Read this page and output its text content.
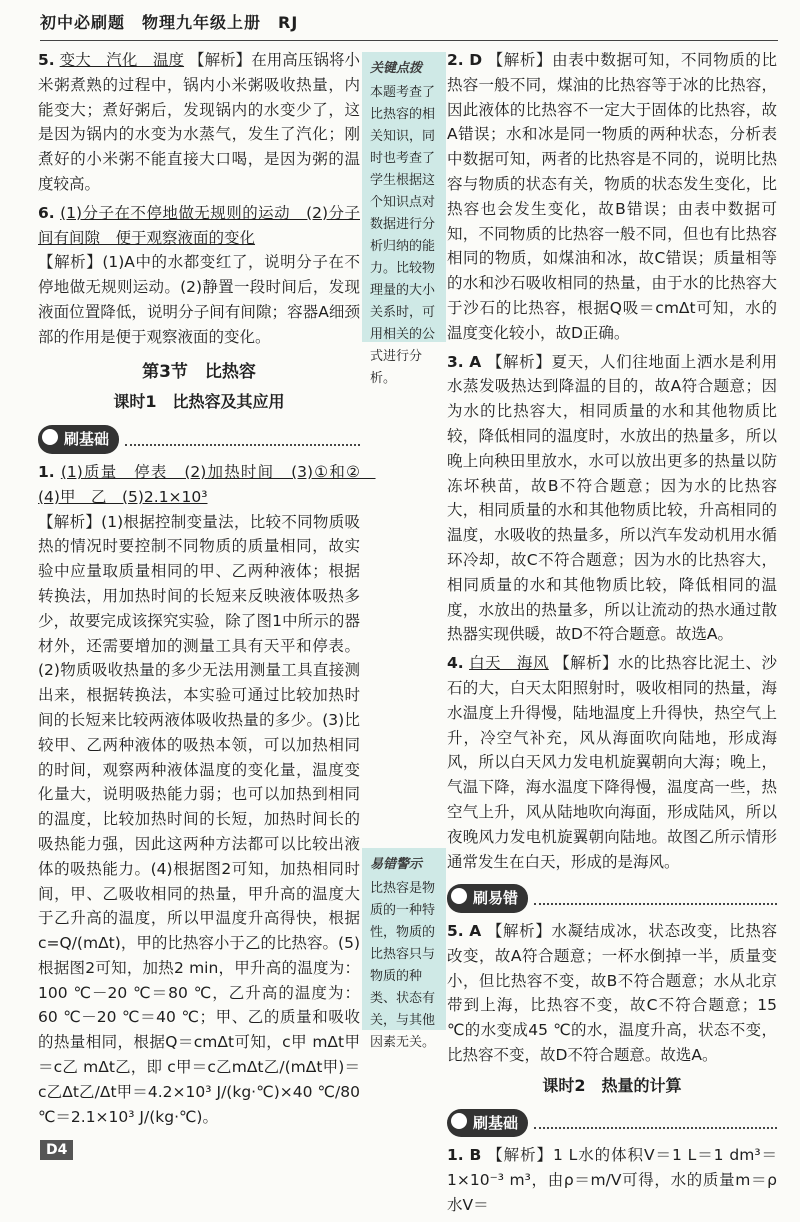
初中必刷题　物理九年级上册　RJ

5. 变大　汽化　温度 【解析】在用高压锅将小米粥煮熟的过程中，锅内小米粥吸收热量，内能变大；煮好粥后，发现锅内的水变少了，这是因为锅内的水变为水蒸气，发生了汽化；刚煮好的小米粥不能直接大口喝，是因为粥的温度较高。

6. (1)分子在不停地做无规则的运动　(2)分子间有间隙　便于观察液面的变化
【解析】(1)A中的水都变红了，说明分子在不停地做无规则运动。(2)静置一段时间后，发现液面位置降低，说明分子间有间隙；容器A细颈部的作用是便于观察液面的变化。

第3节　比热容
课时1　比热容及其应用
刷基础

1. (1)质量　停表　(2)加热时间　(3)①和②　(4)甲　乙　(5)2.1×10³
【解析】(1)根据控制变量法，比较不同物质吸热的情况时要控制不同物质的质量相同，故实验中应量取质量相同的甲、乙两种液体；根据转换法，用加热时间的长短来反映液体吸热多少，故要完成该探究实验，除了图1中所示的器材外，还需要增加的测量工具有天平和停表。(2)物质吸收热量的多少无法用测量工具直接测出来，根据转换法，本实验可通过比较加热时间的长短来比较两液体吸收热量的多少。(3)比较甲、乙两种液体的吸热本领，可以加热相同的时间，观察两种液体温度的变化量，温度变化量大，说明吸热能力弱；也可以加热到相同的温度，比较加热时间的长短，加热时间长的吸热能力强，因此这两种方法都可以比较出液体的吸热能力。(4)根据图2可知，加热相同时间，甲、乙吸收相同的热量，甲升高的温度大于乙升高的温度，所以甲温度升高得快，根据c=Q/(mΔt)，甲的比热容小于乙的比热容。(5)根据图2可知，加热2 min，甲升高的温度为：100 ℃－20 ℃＝80 ℃，乙升高的温度为：60 ℃－20 ℃＝40 ℃；甲、乙的质量和吸收的热量相同，根据Q＝cmΔt可知，c甲 mΔt甲＝c乙 mΔt乙，即 c甲＝c乙mΔt乙/(mΔt甲)＝c乙Δt乙/Δt甲＝4.2×10³ J/(kg·℃)×40 ℃/80 ℃＝2.1×10³ J/(kg·℃)。

关键点拨
本题考查了比热容的相关知识，同时也考查了学生根据这个知识点对数据进行分析归纳的能力。比较物理量的大小关系时，可用相关的公式进行分析。
易错警示
比热容是物质的一种特性，物质的比热容只与物质的种类、状态有关，与其他因素无关。

2. D 【解析】由表中数据可知，不同物质的比热容一般不同，煤油的比热容等于冰的比热容，因此液体的比热容不一定大于固体的比热容，故A错误；水和冰是同一物质的两种状态，分析表中数据可知，两者的比热容是不同的，说明比热容与物质的状态有关，物质的状态发生变化，比热容也会发生变化，故B错误；由表中数据可知，不同物质的比热容一般不同，但也有比热容相同的物质，如煤油和冰，故C错误；质量相等的水和沙石吸收相同的热量，由于水的比热容大于沙石的比热容，根据Q吸＝cmΔt可知，水的温度变化较小，故D正确。

3. A 【解析】夏天，人们往地面上洒水是利用水蒸发吸热达到降温的目的，故A符合题意；因为水的比热容大，相同质量的水和其他物质比较，降低相同的温度时，水放出的热量多，所以晚上向秧田里放水，水可以放出更多的热量以防冻坏秧苗，故B不符合题意；因为水的比热容大，相同质量的水和其他物质比较，升高相同的温度，水吸收的热量多，所以汽车发动机用水循环冷却，故C不符合题意；因为水的比热容大，相同质量的水和其他物质比较，降低相同的温度，水放出的热量多，所以让流动的热水通过散热器实现供暖，故D不符合题意。故选A。

4. 白天　海风 【解析】水的比热容比泥土、沙石的大，白天太阳照射时，吸收相同的热量，海水温度上升得慢，陆地温度上升得快，热空气上升，冷空气补充，风从海面吹向陆地，形成海风，所以白天风力发电机旋翼朝向大海；晚上，气温下降，海水温度下降得慢，温度高一些，热空气上升，风从陆地吹向海面，形成陆风，所以夜晚风力发电机旋翼朝向陆地。故图乙所示情形通常发生在白天，形成的是海风。

刷易错

5. A 【解析】水凝结成冰，状态改变，比热容改变，故A符合题意；一杯水倒掉一半，质量变小，但比热容不变，故B不符合题意；水从北京带到上海，比热容不变，故C不符合题意；15 ℃的水变成45 ℃的水，温度升高，状态不变，比热容不变，故D不符合题意。故选A。

课时2　热量的计算
刷基础

1. B 【解析】1 L水的体积V＝1 L＝1 dm³＝1×10⁻³ m³，由ρ＝m/V可得，水的质量m＝ρ水V＝

D4
